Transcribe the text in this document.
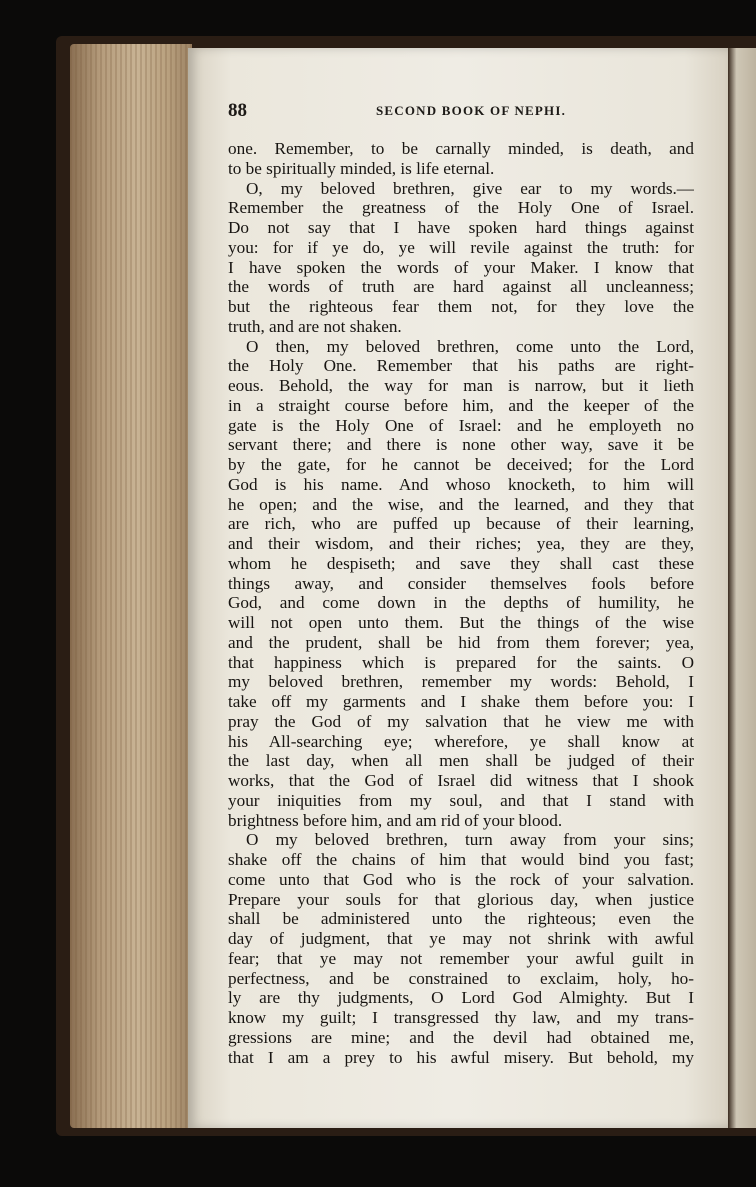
88	SECOND BOOK OF NEPHI.
one. Remember, to be carnally minded, is death, and
to be spiritually minded, is life eternal.
O, my beloved brethren, give ear to my words.—
Remember the greatness of the Holy One of Israel.
Do not say that I have spoken hard things against
you: for if ye do, ye will revile against the truth: for
I have spoken the words of your Maker. I know that
the words of truth are hard against all uncleanness;
but the righteous fear them not, for they love the
truth, and are not shaken.
O then, my beloved brethren, come unto the Lord,
the Holy One. Remember that his paths are right-
eous. Behold, the way for man is narrow, but it lieth
in a straight course before him, and the keeper of the
gate is the Holy One of Israel: and he employeth no
servant there; and there is none other way, save it be
by the gate, for he cannot be deceived; for the Lord
God is his name. And whoso knocketh, to him will
he open; and the wise, and the learned, and they that
are rich, who are puffed up because of their learning,
and their wisdom, and their riches; yea, they are they,
whom he despiseth; and save they shall cast these
things away, and consider themselves fools before
God, and come down in the depths of humility, he
will not open unto them. But the things of the wise
and the prudent, shall be hid from them forever; yea,
that happiness which is prepared for the saints. O
my beloved brethren, remember my words: Behold, I
take off my garments and I shake them before you: I
pray the God of my salvation that he view me with
his All-searching eye; wherefore, ye shall know at
the last day, when all men shall be judged of their
works, that the God of Israel did witness that I shook
your iniquities from my soul, and that I stand with
brightness before him, and am rid of your blood.
O my beloved brethren, turn away from your sins;
shake off the chains of him that would bind you fast;
come unto that God who is the rock of your salvation.
Prepare your souls for that glorious day, when justice
shall be administered unto the righteous; even the
day of judgment, that ye may not shrink with awful
fear; that ye may not remember your awful guilt in
perfectness, and be constrained to exclaim, holy, ho-
ly are thy judgments, O Lord God Almighty. But I
know my guilt; I transgressed thy law, and my trans-
gressions are mine; and the devil had obtained me,
that I am a prey to his awful misery. But behold, my
